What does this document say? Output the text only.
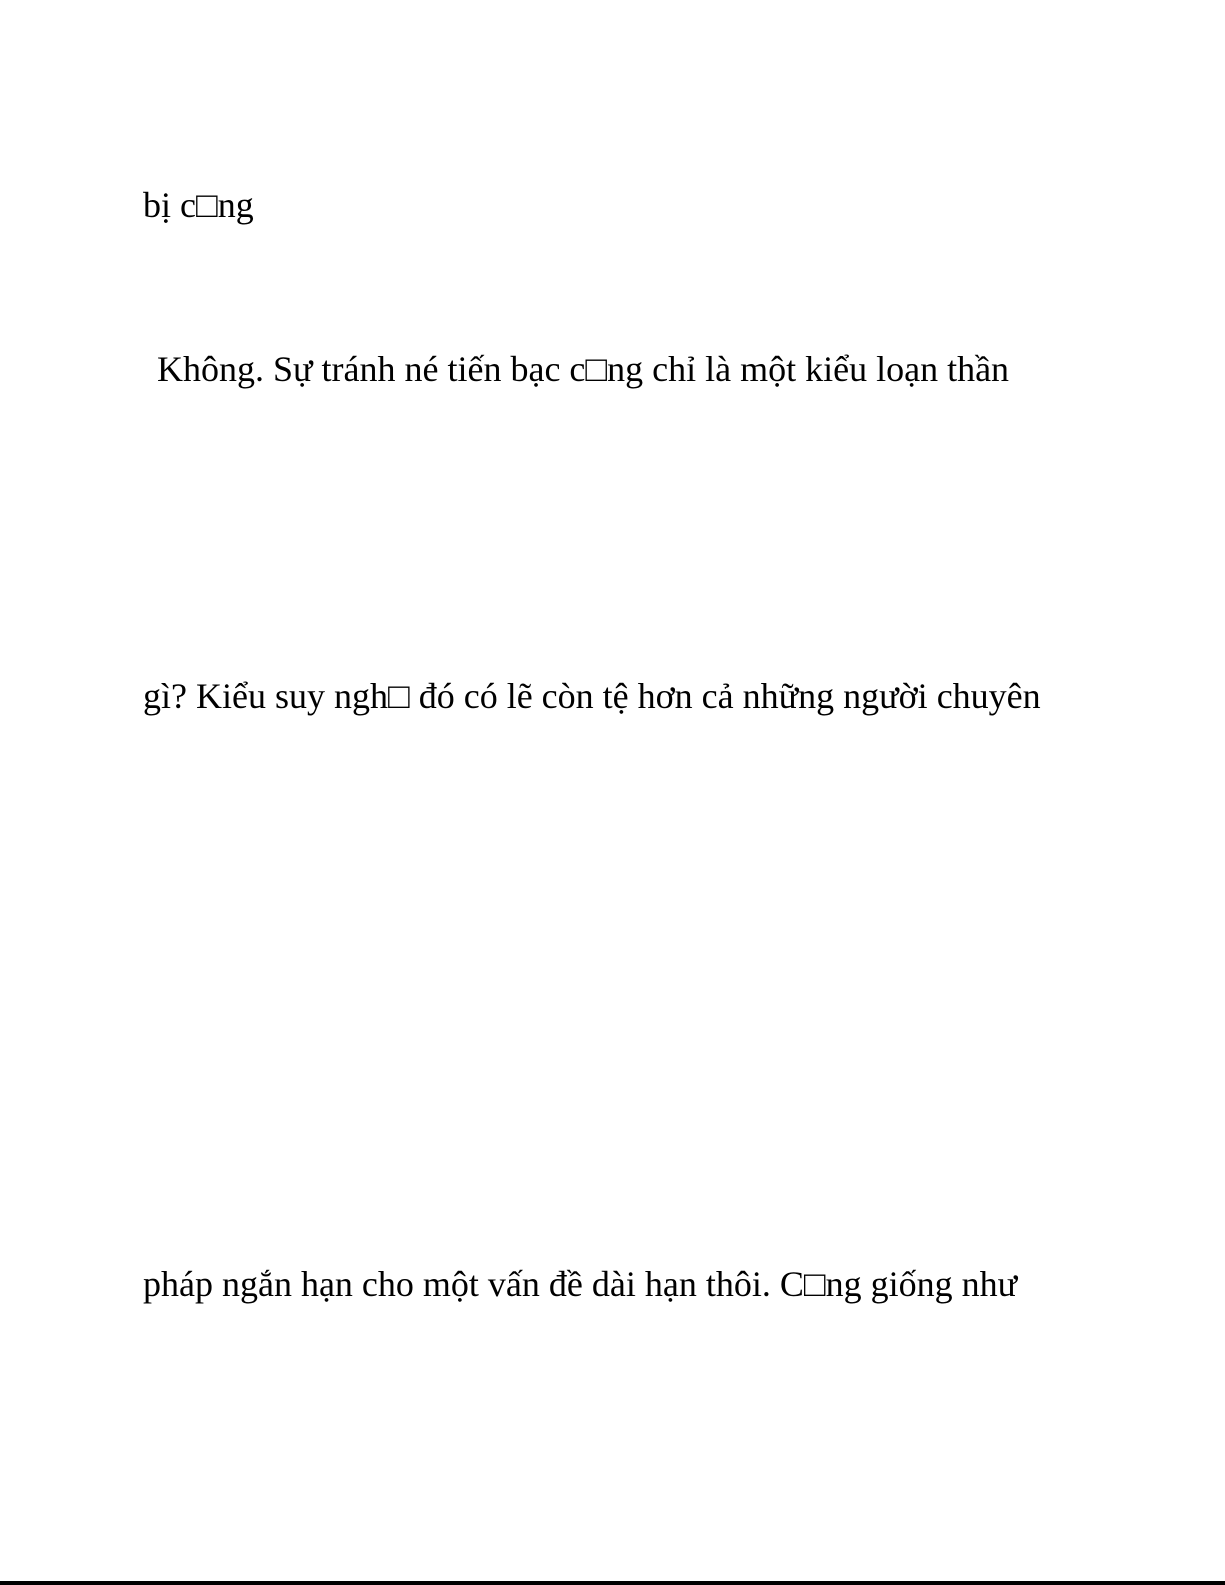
bị c□ng

Không. Sự tránh né tiến bạc c□ng chỉ là một kiểu loạn thần

gì? Kiểu suy ngh□ đó có lẽ còn tệ hơn cả những người chuyên

pháp ngắn hạn cho một vấn đề dài hạn thôi. C□ng giống như
